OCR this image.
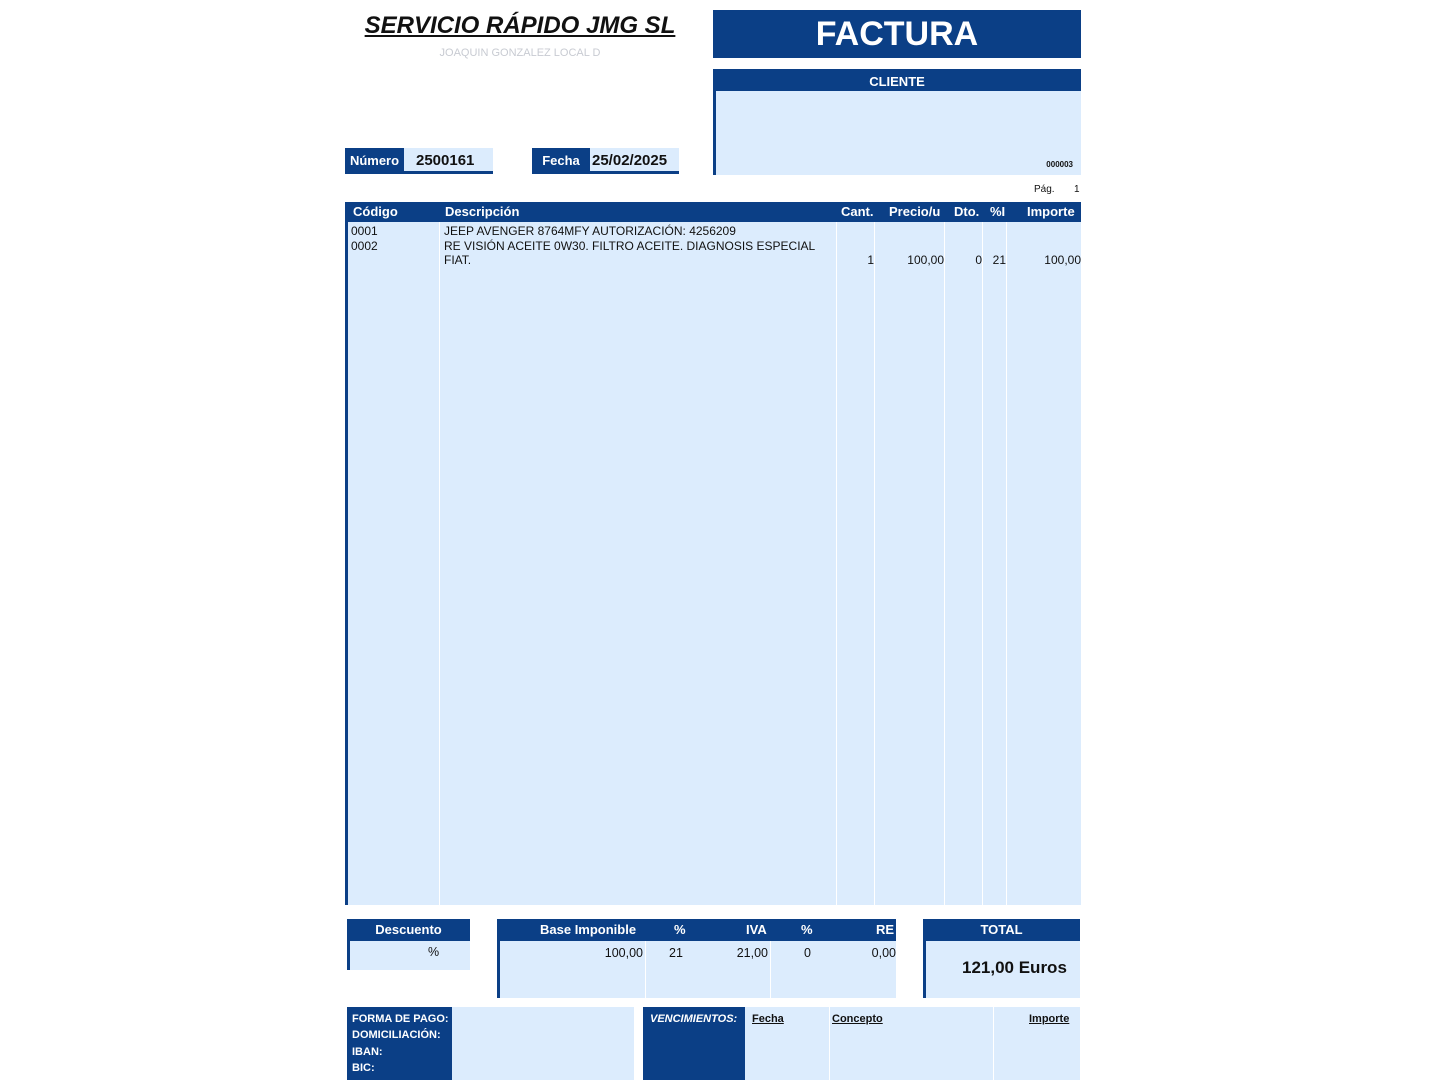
SERVICIO RÁPIDO JMG SL
JOAQUIN GONZALEZ LOCAL D	FACTURA
CLIENTE
000003
Número	2500161	Fecha 25/02/2025
Pág. 1
Código	Descripción	Cant. Precio/u Dto. %I Importe
0001	JEEP AVENGER 8764MFY AUTORIZACIÓN: 4256209
0002	RE VISIÓN ACEITE 0W30. FILTRO ACEITE. DIAGNOSIS ESPECIAL
FIAT.	1	100,00	0 21	100,00
Descuento
%
Base Imponible	%	IVA	%	RE
100,00 21	21,00	0	0,00
TOTAL
121,00 Euros
FORMA DE PAGO:
DOMICILIACIÓN:
IBAN:
BIC:
VENCIMIENTOS: Fecha	Concepto	Importe
